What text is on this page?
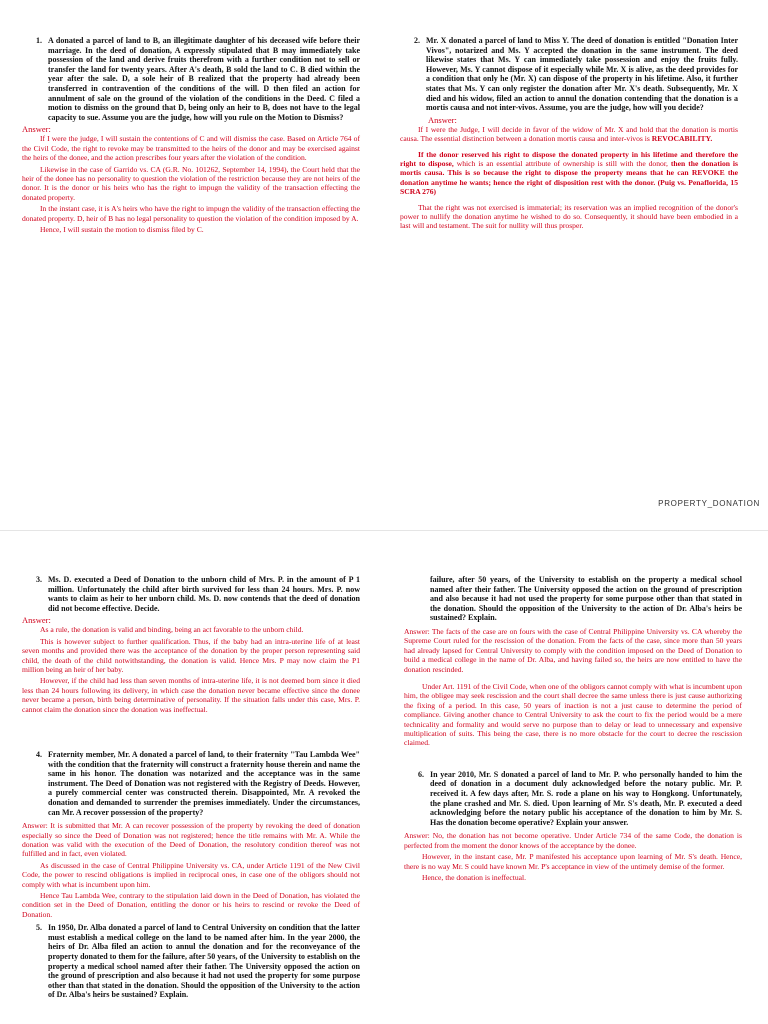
1. A donated a parcel of land to B, an illegitimate daughter of his deceased wife before their marriage. In the deed of donation, A expressly stipulated that B may immediately take possession of the land and derive fruits therefrom with a further condition not to sell or transfer the land for twenty years. After A's death, B sold the land to C. B died within the year after the sale. D, a sole heir of B realized that the property had already been transferred in contravention of the conditions of the will. D then filed an action for annulment of sale on the ground of the violation of the conditions in the Deed. C filed a motion to dismiss on the ground that D, being only an heir to B, does not have to the legal capacity to sue. Assume you are the judge, how will you rule on the Motion to Dismiss?
Answer:

If I were the judge, I will sustain the contentions of C and will dismiss the case. Based on Article 764 of the Civil Code, the right to revoke may be transmitted to the heirs of the donor and may be exercised against the heirs of the donee, and the action prescribes four years after the violation of the condition.

Likewise in the case of Garrido vs. CA (G.R. No. 101262, September 14, 1994), the Court held that the heir of the donee has no personality to question the violation of the restriction because they are not heirs of the donor. It is the donor or his heirs who has the right to impugn the validity of the transaction effecting the donated property.

In the instant case, it is A's heirs who have the right to impugn the validity of the transaction effecting the donated property. D, heir of B has no legal personality to question the violation of the condition imposed by A.

Hence, I will sustain the motion to dismiss filed by C.

2. Mr. X donated a parcel of land to Miss Y. The deed of donation is entitled "Donation Inter Vivos", notarized and Ms. Y accepted the donation in the same instrument. The deed likewise states that Ms. Y can immediately take possession and enjoy the fruits fully. However, Ms. Y cannot dispose of it especially while Mr. X is alive, as the deed provides for a condition that only he (Mr. X) can dispose of the property in his lifetime. Also, it further states that Ms. Y can only register the donation after Mr. X's death. Subsequently, Mr. X died and his widow, filed an action to annul the donation contending that the donation is a mortis causa and not inter-vivos. Assume, you are the judge, how will you decide?
Answer:

If I were the Judge, I will decide in favor of the widow of Mr. X and hold that the donation is mortis causa. The essential distinction between a donation mortis causa and inter-vivos is REVOCABILITY.

If the donor reserved his right to dispose the donated property in his lifetime and therefore the right to dispose, which is an essential attribute of ownership is still with the donor, then the donation is mortis causa. This is so because the right to dispose the property means that he can REVOKE the donation anytime he wants; hence the right of disposition rest with the donor. (Puig vs. Penaflorida, 15 SCRA 276)

That the right was not exercised is immaterial; its reservation was an implied recognition of the donor's power to nullify the donation anytime he wished to do so. Consequently, it should have been embodied in a last will and testament. The suit for nullity will thus prosper.

PROPERTY_DONATION
3. Ms. D. executed a Deed of Donation to the unborn child of Mrs. P. in the amount of P 1 million. Unfortunately the child after birth survived for less than 24 hours. Mrs. P. now wants to claim as heir to her unborn child. Ms. D. now contends that the deed of donation did not become effective. Decide.
Answer:

As a rule, the donation is valid and binding, being an act favorable to the unborn child.

This is however subject to further qualification. Thus, if the baby had an intra-uterine life of at least seven months and provided there was the acceptance of the donation by the proper person representing said child, the death of the child notwithstanding, the donation is valid. Hence Mrs. P may now claim the P1 million being an heir of her baby.

However, if the child had less than seven months of intra-uterine life, it is not deemed born since it died less than 24 hours following its delivery, in which case the donation never became effective since the donee never became a person, birth being determinative of personality. If the situation falls under this case, Mrs. P. cannot claim the donation since the donation was ineffectual.

4. Fraternity member, Mr. A donated a parcel of land, to their fraternity "Tau Lambda Wee" with the condition that the fraternity will construct a fraternity house therein and name the same in his honor. The donation was notarized and the acceptance was in the same instrument. The Deed of Donation was not registered with the Registry of Deeds. However, a purely commercial center was constructed therein. Disappointed, Mr. A revoked the donation and demanded to surrender the premises immediately. Under the circumstances, can Mr. A recover possession of the property?

Answer: It is submitted that Mr. A can recover possession of the property by revoking the deed of donation especially so since the Deed of Donation was not registered; hence the title remains with Mr. A. While the donation was valid with the execution of the Deed of Donation, the resolutory condition thereof was not fulfilled and in fact, even violated.

As discussed in the case of Central Philippine University vs. CA, under Article 1191 of the New Civil Code, the power to rescind obligations is implied in reciprocal ones, in case one of the obligors should not comply with what is incumbent upon him.

Hence Tau Lambda Wee, contrary to the stipulation laid down in the Deed of Donation, has violated the condition set in the Deed of Donation, entitling the donor or his heirs to rescind or revoke the Deed of Donation.

5. In 1950, Dr. Alba donated a parcel of land to Central University on condition that the latter must establish a medical college on the land to be named after him. In the year 2000, the heirs of Dr. Alba filed an action to annul the donation and for the reconveyance of the property donated to them for the failure, after 50 years, of the University to establish on the property a medical school named after their father. The University opposed the action on the ground of prescription and also because it had not used the property for some purpose other than that stated in the donation. Should the opposition of the University to the action of Dr. Alba's heirs be sustained? Explain.
failure, after 50 years, of the University to establish on the property a medical school named after their father. The University opposed the action on the ground of prescription and also because it had not used the property for some purpose other than that stated in the donation. Should the opposition of the University to the action of Dr. Alba's heirs be sustained? Explain.

Answer: The facts of the case are on fours with the case of Central Philippine University vs. CA whereby the Supreme Court ruled for the rescission of the donation. From the facts of the case, since more than 50 years had already lapsed for Central University to comply with the condition imposed on the Deed of Donation to build a medical college in the name of Dr. Alba, and having failed so, the heirs are now entitled to have the donation rescinded.

Under Art. 1191 of the Civil Code, when one of the obligors cannot comply with what is incumbent upon him, the obligee may seek rescission and the court shall decree the same unless there is just cause authorizing the fixing of a period. In this case, 50 years of inaction is not a just cause to determine the period of compliance. Giving another chance to Central University to ask the court to fix the period would be a mere technicality and formality and would serve no purpose than to delay or lead to unnecessary and expensive multiplication of suits. This being the case, there is no more obstacle for the court to decree the rescission claimed.

6. In year 2010, Mr. S donated a parcel of land to Mr. P. who personally handed to him the deed of donation in a document duly acknowledged before the notary public. Mr. P. received it. A few days after, Mr. S. rode a plane on his way to Hongkong. Unfortunately, the plane crashed and Mr. S. died. Upon learning of Mr. S's death, Mr. P. executed a deed acknowledging before the notary public his acceptance of the donation to him by Mr. S. Has the donation become operative? Explain your answer.

Answer: No, the donation has not become operative. Under Article 734 of the same Code, the donation is perfected from the moment the donor knows of the acceptance by the donee.

However, in the instant case, Mr. P manifested his acceptance upon learning of Mr. S's death. Hence, there is no way Mr. S could have known Mr. P's acceptance in view of the untimely demise of the former.

Hence, the donation is ineffectual.
